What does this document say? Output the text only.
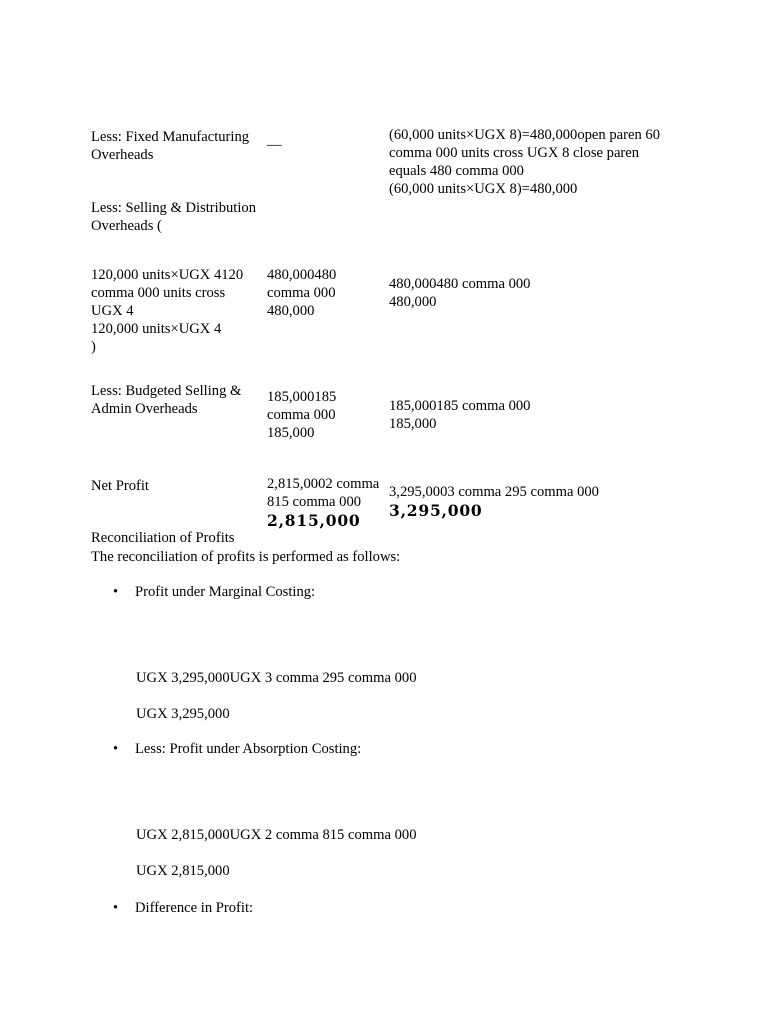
Less: Fixed Manufacturing
Overheads
—
(60,000 units×UGX 8)=480,000open paren 60
comma 000 units cross UGX 8 close paren
equals 480 comma 000
(60,000 units×UGX 8)=480,000
Less: Selling & Distribution
Overheads (
120,000 units×UGX 4120
comma 000 units cross
UGX 4
120,000 units×UGX 4
)
480,000480
comma 000
480,000
480,000480 comma 000
480,000
Less: Budgeted Selling &
Admin Overheads
185,000185
comma 000
185,000
185,000185 comma 000
185,000
Net Profit	2,815,0002 comma
815 comma 000
2,815,000
3,295,0003 comma 295 comma 000
3,295,000
Reconciliation of Profits
The reconciliation of profits is performed as follows:
• Profit under Marginal Costing:
UGX 3,295,000UGX 3 comma 295 comma 000
UGX 3,295,000
• Less: Profit under Absorption Costing:
UGX 2,815,000UGX 2 comma 815 comma 000
UGX 2,815,000
• Difference in Profit:
